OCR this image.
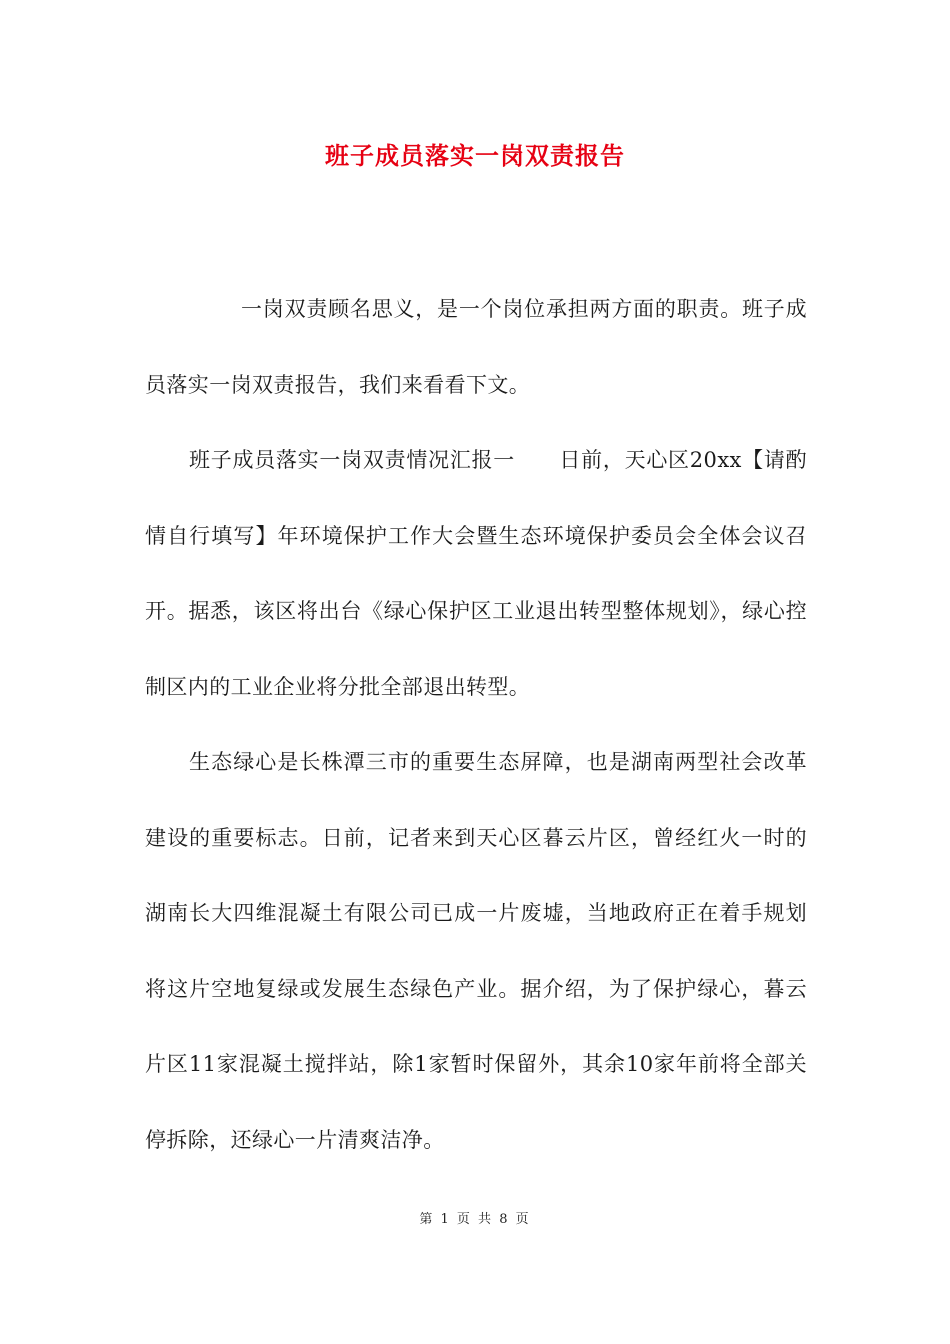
班子成员落实一岗双责报告

一岗双责顾名思义，是一个岗位承担两方面的职责。班子成员落实一岗双责报告，我们来看看下文。

班子成员落实一岗双责情况汇报一 日前，天心区20xx【请酌情自行填写】年环境保护工作大会暨生态环境保护委员会全体会议召开。据悉，该区将出台《绿心保护区工业退出转型整体规划》，绿心控制区内的工业企业将分批全部退出转型。

生态绿心是长株潭三市的重要生态屏障，也是湖南两型社会改革建设的重要标志。日前，记者来到天心区暮云片区，曾经红火一时的湖南长大四维混凝土有限公司已成一片废墟，当地政府正在着手规划将这片空地复绿或发展生态绿色产业。据介绍，为了保护绿心，暮云片区11家混凝土搅拌站，除1家暂时保留外，其余10家年前将全部关停拆除，还绿心一片清爽洁净。

第 1 页 共 8 页
